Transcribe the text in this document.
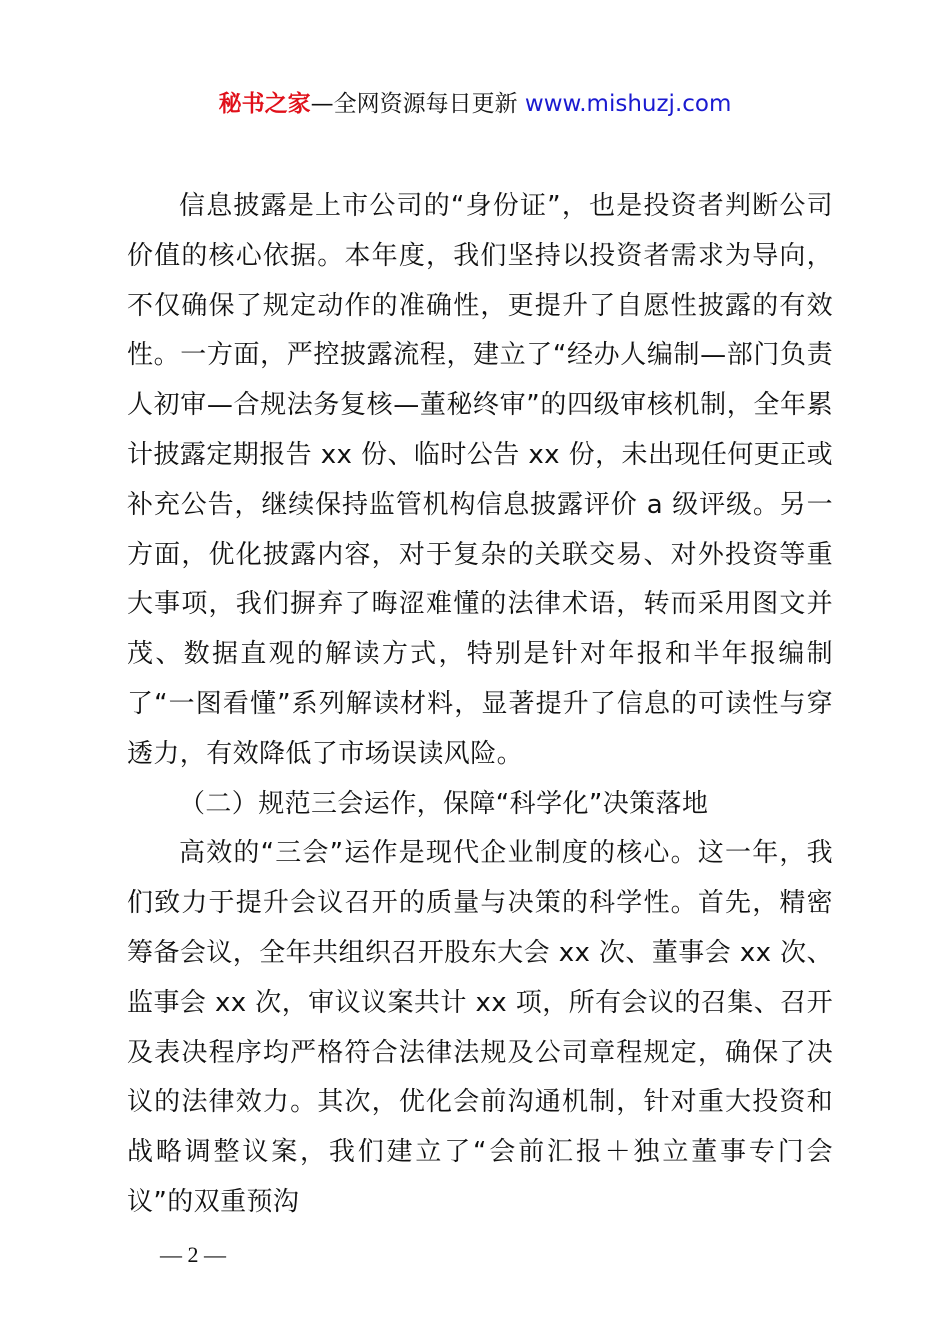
秘书之家—全网资源每日更新 www.mishuzj.com

信息披露是上市公司的“身份证”，也是投资者判断公司价值的核心依据。本年度，我们坚持以投资者需求为导向，不仅确保了规定动作的准确性，更提升了自愿性披露的有效性。一方面，严控披露流程，建立了“经办人编制—部门负责人初审—合规法务复核—董秘终审”的四级审核机制，全年累计披露定期报告 xx 份、临时公告 xx 份，未出现任何更正或补充公告，继续保持监管机构信息披露评价 a 级评级。另一方面，优化披露内容，对于复杂的关联交易、对外投资等重大事项，我们摒弃了晦涩难懂的法律术语，转而采用图文并茂、数据直观的解读方式，特别是针对年报和半年报编制了“一图看懂”系列解读材料，显著提升了信息的可读性与穿透力，有效降低了市场误读风险。

（二）规范三会运作，保障“科学化”决策落地

高效的“三会”运作是现代企业制度的核心。这一年，我们致力于提升会议召开的质量与决策的科学性。首先，精密筹备会议，全年共组织召开股东大会 xx 次、董事会 xx 次、监事会 xx 次，审议议案共计 xx 项，所有会议的召集、召开及表决程序均严格符合法律法规及公司章程规定，确保了决议的法律效力。其次，优化会前沟通机制，针对重大投资和战略调整议案，我们建立了“会前汇报＋独立董事专门会议”的双重预沟

— 2 —
